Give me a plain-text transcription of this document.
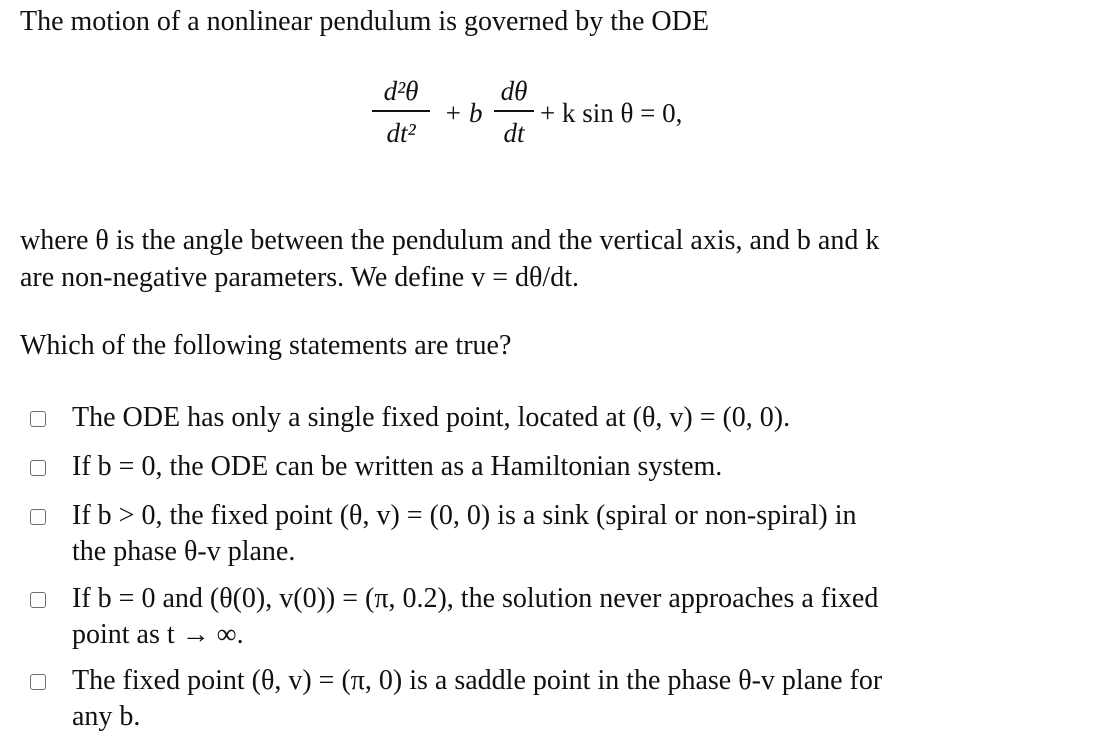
The motion of a nonlinear pendulum is governed by the ODE
d²θ
dt²
+ b
dθ
dt
+ k sin θ = 0,
where θ is the angle between the pendulum and the vertical axis, and b and k
are non-negative parameters. We define v = dθ/dt.
Which of the following statements are true?
The ODE has only a single fixed point, located at (θ, v) = (0, 0).
If b = 0, the ODE can be written as a Hamiltonian system.
If b > 0, the fixed point (θ, v) = (0, 0) is a sink (spiral or non-spiral) in
the phase θ-v plane.
If b = 0 and (θ(0), v(0)) = (π, 0.2), the solution never approaches a fixed
point as t → ∞.
The fixed point (θ, v) = (π, 0) is a saddle point in the phase θ-v plane for
any b.
